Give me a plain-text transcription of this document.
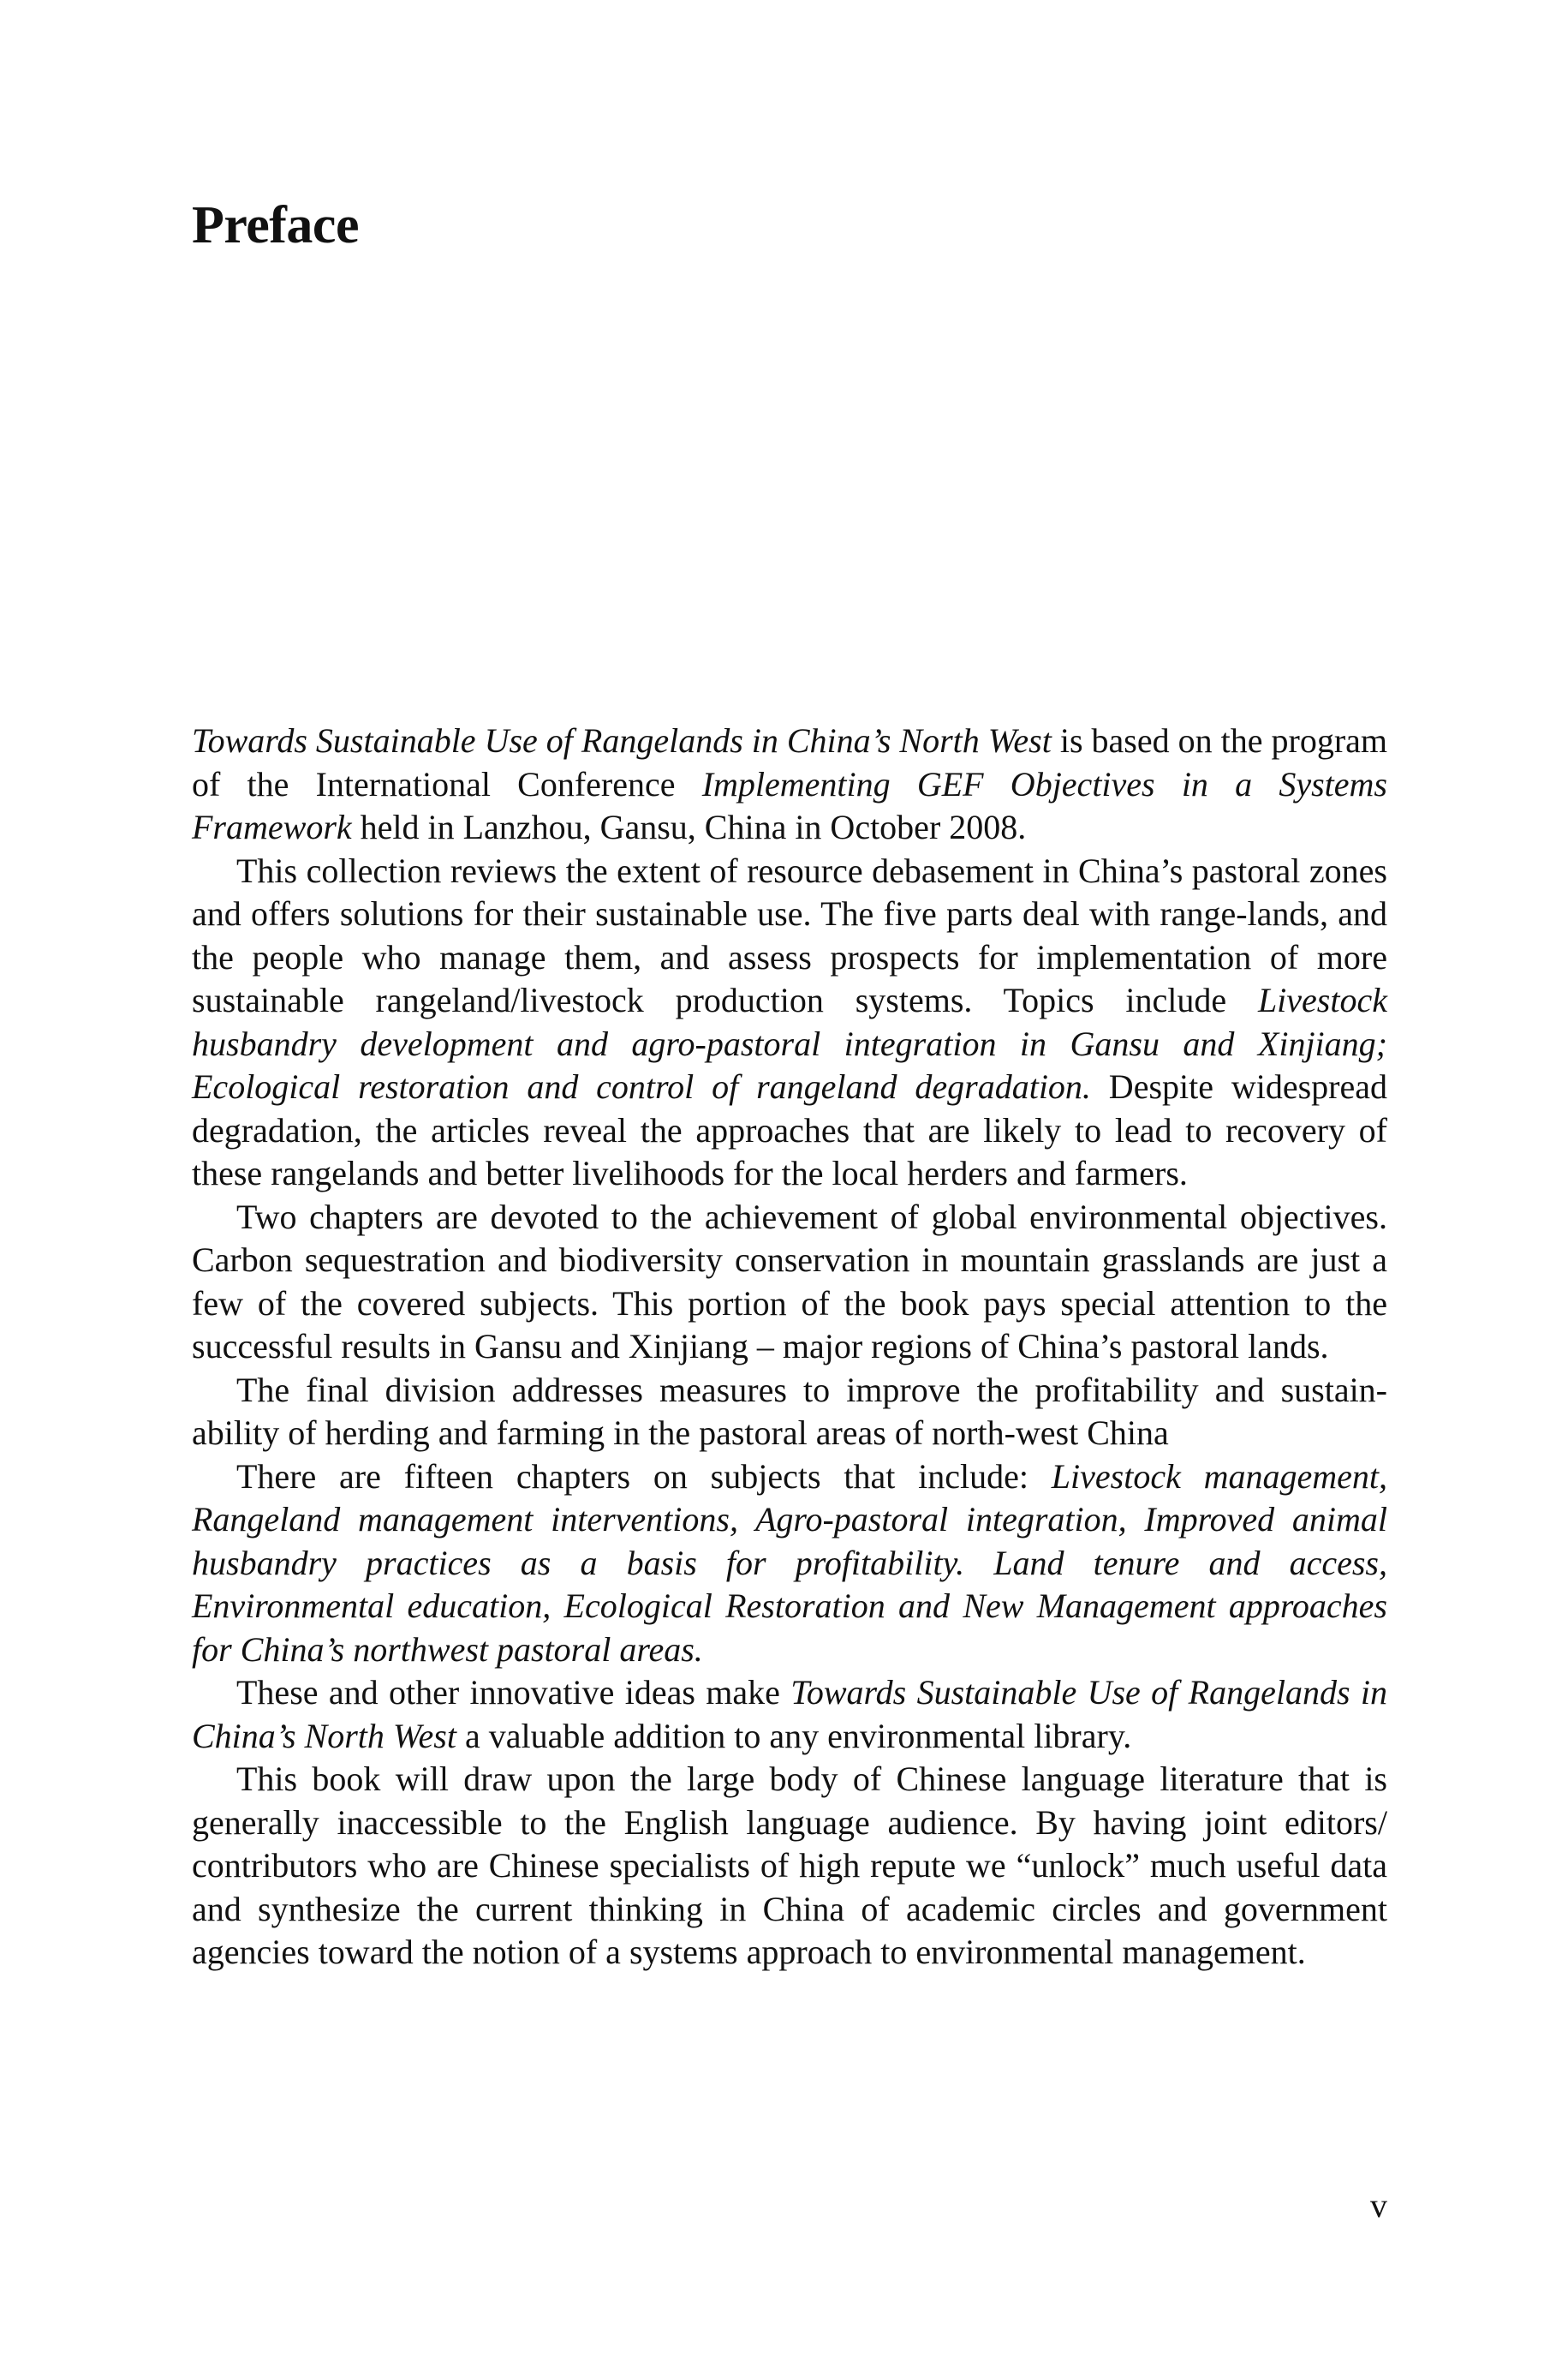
Preface

Towards Sustainable Use of Rangelands in China’s North West is based on the program of the International Conference Implementing GEF Objectives in a Systems Framework held in Lanzhou, Gansu, China in October 2008.

This collection reviews the extent of resource debasement in China’s pastoral zones and offers solutions for their sustainable use. The five parts deal with range-lands, and the people who manage them, and assess prospects for implementation of more sustainable rangeland/livestock production systems. Topics include Livestock husbandry development and agro-pastoral integration in Gansu and Xinjiang; Ecological restoration and control of rangeland degradation. Despite widespread degradation, the articles reveal the approaches that are likely to lead to recovery of these rangelands and better livelihoods for the local herders and farmers.

Two chapters are devoted to the achievement of global environmental objectives. Carbon sequestration and biodiversity conservation in mountain grasslands are just a few of the covered subjects. This portion of the book pays special attention to the successful results in Gansu and Xinjiang – major regions of China’s pastoral lands.

The final division addresses measures to improve the profitability and sustain-ability of herding and farming in the pastoral areas of north-west China

There are fifteen chapters on subjects that include: Livestock management, Rangeland management interventions, Agro-pastoral integration, Improved animal husbandry practices as a basis for profitability. Land tenure and access, Environmental education, Ecological Restoration and New Management approaches for China’s northwest pastoral areas.

These and other innovative ideas make Towards Sustainable Use of Rangelands in China’s North West a valuable addition to any environmental library.

This book will draw upon the large body of Chinese language literature that is generally inaccessible to the English language audience. By having joint editors/ contributors who are Chinese specialists of high repute we “unlock” much useful data and synthesize the current thinking in China of academic circles and government agencies toward the notion of a systems approach to environmental management.

v
